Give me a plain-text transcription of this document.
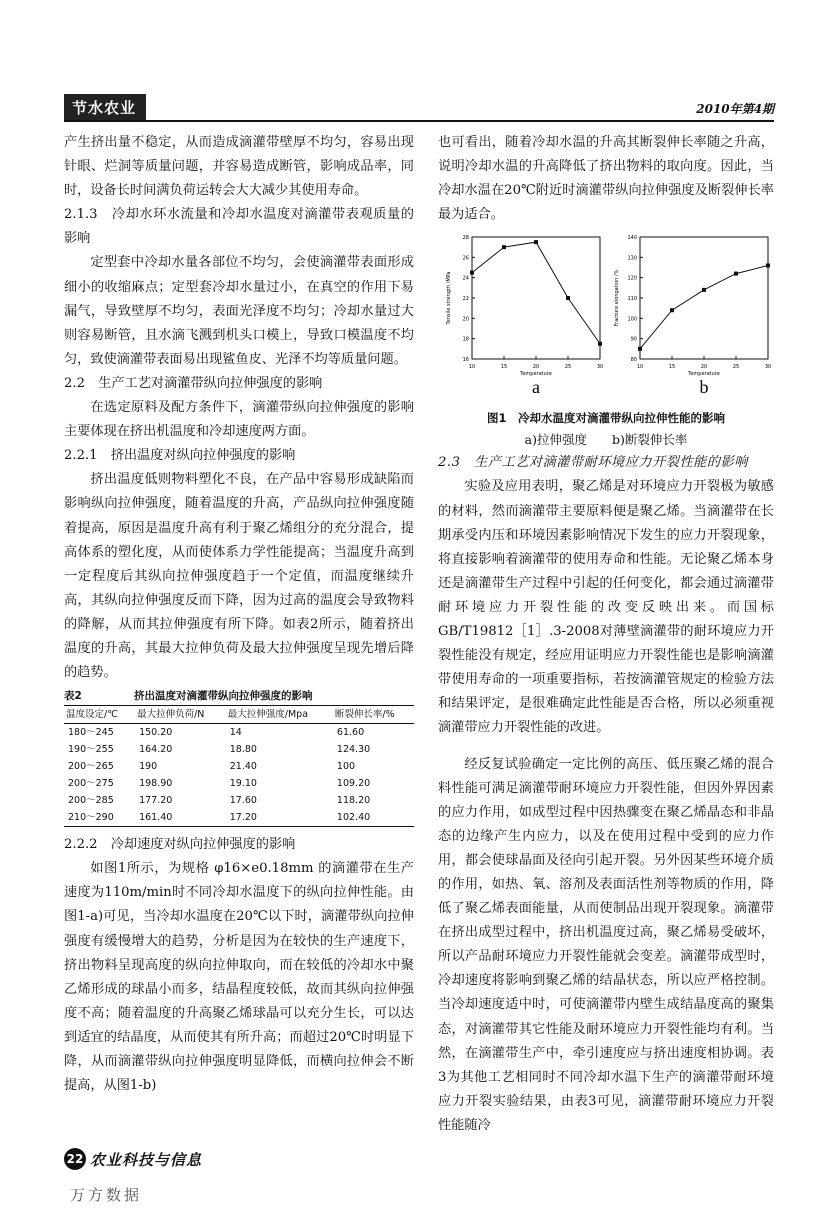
节水农业	2010年第4期

产生挤出量不稳定，从而造成滴灌带壁厚不均匀，容易出现针眼、烂洞等质量问题，并容易造成断管，影响成品率，同时，设备长时间满负荷运转会大大减少其使用寿命。

2.1.3　冷却水环水流量和冷却水温度对滴灌带表观质量的影响

定型套中冷却水量各部位不均匀，会使滴灌带表面形成细小的收缩麻点；定型套冷却水量过小，在真空的作用下易漏气，导致壁厚不均匀，表面光泽度不均匀；冷却水量过大则容易断管，且水滴飞溅到机头口模上，导致口模温度不均匀，致使滴灌带表面易出现鲨鱼皮、光泽不均等质量问题。

2.2　生产工艺对滴灌带纵向拉伸强度的影响

在选定原料及配方条件下，滴灌带纵向拉伸强度的影响主要体现在挤出机温度和冷却速度两方面。

2.2.1　挤出温度对纵向拉伸强度的影响

挤出温度低则物料塑化不良，在产品中容易形成缺陷而影响纵向拉伸强度，随着温度的升高，产品纵向拉伸强度随着提高，原因是温度升高有利于聚乙烯组分的充分混合，提高体系的塑化度，从而使体系力学性能提高；当温度升高到一定程度后其纵向拉伸强度趋于一个定值，而温度继续升高，其纵向拉伸强度反而下降，因为过高的温度会导致物料的降解，从而其拉伸强度有所下降。如表2所示，随着挤出温度的升高，其最大拉伸负荷及最大拉伸强度呈现先增后降的趋势。

表2	挤出温度对滴灌带纵向拉伸强度的影响
温度设定/℃	最大拉伸负荷/N	最大拉伸强度/Mpa	断裂伸长率/%
180～245	150.20	14	61.60
190～255	164.20	18.80	124.30
200～265	190	21.40	100
200～275	198.90	19.10	109.20
200～285	177.20	17.60	118.20
210～290	161.40	17.20	102.40

2.2.2　冷却速度对纵向拉伸强度的影响

如图1所示，为规格 φ16×e0.18mm 的滴灌带在生产速度为110m/min时不同冷却水温度下的纵向拉伸性能。由图1-a)可见，当冷却水温度在20℃以下时，滴灌带纵向拉伸强度有缓慢增大的趋势，分析是因为在较快的生产速度下，挤出物料呈现高度的纵向拉伸取向，而在较低的冷却水中聚乙烯形成的球晶小而多，结晶程度较低，故而其纵向拉伸强度不高；随着温度的升高聚乙烯球晶可以充分生长，可以达到适宜的结晶度，从而使其有所升高；而超过20℃时明显下降，从而滴灌带纵向拉伸强度明显降低，而横向拉伸会不断提高，从图1-b)

也可看出，随着冷却水温的升高其断裂伸长率随之升高，说明冷却水温的升高降低了挤出物料的取向度。因此，当冷却水温在20℃附近时滴灌带纵向拉伸强度及断裂伸长率最为适合。

10	15	20	25	30
16
18
20
22
24
26
28
Temperature
Tensile strength /MPa
a
10	15	20	25	30
80
90
100
110
120
130
140
Temperature
Fracture elongation /%
b
图1　冷却水温度对滴灌带纵向拉伸性能的影响
a)拉伸强度　　b)断裂伸长率

2.3　生产工艺对滴灌带耐环境应力开裂性能的影响

实验及应用表明，聚乙烯是对环境应力开裂极为敏感的材料，然而滴灌带主要原料便是聚乙烯。当滴灌带在长期承受内压和环境因素影响情况下发生的应力开裂现象，将直接影响着滴灌带的使用寿命和性能。无论聚乙烯本身还是滴灌带生产过程中引起的任何变化，都会通过滴灌带耐环境应力开裂性能的改变反映出来。而国标GB/T19812［1］.3-2008对薄壁滴灌带的耐环境应力开裂性能没有规定，经应用证明应力开裂性能也是影响滴灌带使用寿命的一项重要指标，若按滴灌管规定的检验方法和结果评定，是很难确定此性能是否合格，所以必须重视滴灌带应力开裂性能的改进。

经反复试验确定一定比例的高压、低压聚乙烯的混合料性能可满足滴灌带耐环境应力开裂性能，但因外界因素的应力作用，如成型过程中因热骤变在聚乙烯晶态和非晶态的边缘产生内应力，以及在使用过程中受到的应力作用，都会使球晶面及径向引起开裂。另外因某些环境介质的作用，如热、氧、溶剂及表面活性剂等物质的作用，降低了聚乙烯表面能量，从而使制品出现开裂现象。滴灌带在挤出成型过程中，挤出机温度过高，聚乙烯易受破坏，所以产品耐环境应力开裂性能就会变差。滴灌带成型时，冷却速度将影响到聚乙烯的结晶状态，所以应严格控制。当冷却速度适中时，可使滴灌带内壁生成结晶度高的聚集态，对滴灌带其它性能及耐环境应力开裂性能均有利。当然，在滴灌带生产中，牵引速度应与挤出速度相协调。表3为其他工艺相同时不同冷却水温下生产的滴灌带耐环境应力开裂实验结果，由表3可见，滴灌带耐环境应力开裂性能随冷

22 农业科技与信息
万方数据
